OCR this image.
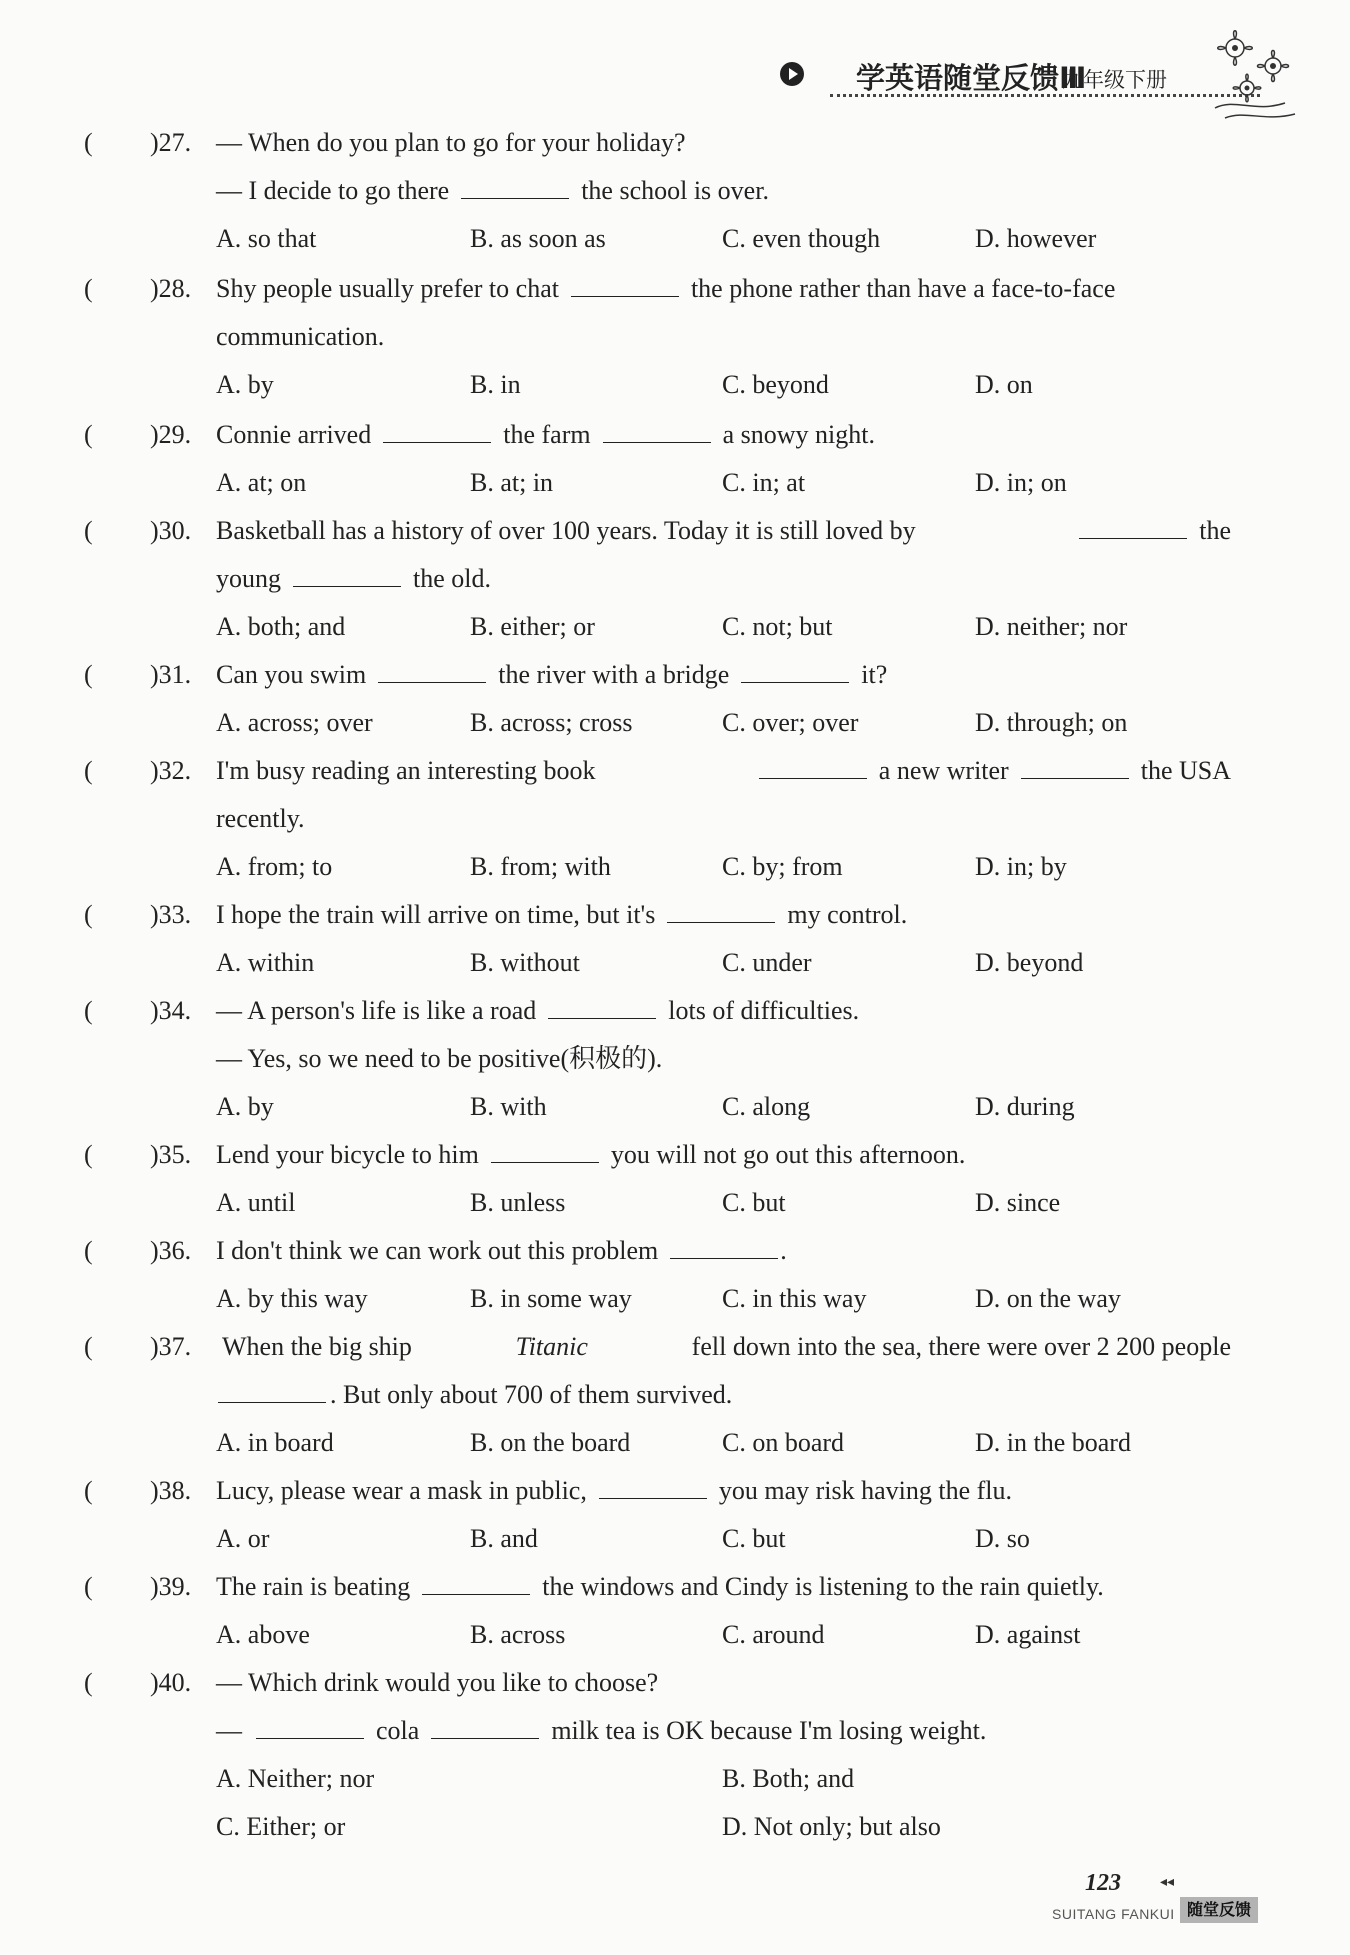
学英语随堂反馈Ⅲ
九年级下册
( )27. — When do you plan to go for your holiday?
— I decide to go there	the school is over.
A. so that	B. as soon as	C. even though	D. however
( )28. Shy people usually prefer to chat	the phone rather than have a face-to-face
communication.
A. by	B. in	C. beyond	D. on
( )29. Connie arrived	the farm	a snowy night.
A. at; on	B. at; in	C. in; at	D. in; on
( )30. Basketball has a history of over 100 years. Today it is still loved by	the
young	the old.
A. both; and	B. either; or	C. not; but	D. neither; nor
( )31. Can you swim	the river with a bridge	it?
A. across; over	B. across; cross	C. over; over	D. through; on
( )32. I'm busy reading an interesting book	a new writer	the USA
recently.
A. from; to	B. from; with	C. by; from	D. in; by
( )33. I hope the train will arrive on time, but it's	my control.
A. within	B. without	C. under	D. beyond
( )34. — A person's life is like a road	lots of difficulties.
— Yes, so we need to be positive(积极的).
A. by	B. with	C. along	D. during
( )35. Lend your bicycle to him	you will not go out this afternoon.
A. until	B. unless	C. but	D. since
( )36. I don't think we can work out this problem	.
A. by this way	B. in some way	C. in this way	D. on the way
( )37. When the big ship	Titanic	fell down into the sea, there were over 2 200 people
. But only about 700 of them survived.
A. in board	B. on the board	C. on board	D. in the board
( )38. Lucy, please wear a mask in public,	you may risk having the flu.
A. or	B. and	C. but	D. so
( )39. The rain is beating	the windows and Cindy is listening to the rain quietly.
A. above	B. across	C. around	D. against
( )40. — Which drink would you like to choose?
—	cola	milk tea is OK because I'm losing weight.
A. Neither; nor	B. Both; and
C. Either; or	D. Not only; but also
123	◂◂
SUITANG FANKUI 随堂反馈
